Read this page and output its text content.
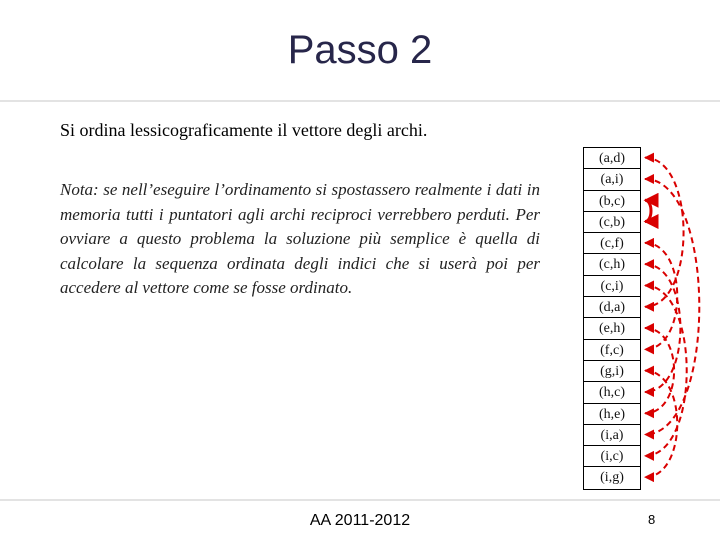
Passo 2
Si ordina lessicograficamente il vettore degli archi.
Nota: se nell’eseguire l’ordinamento si spostassero realmente i dati in memoria tutti i puntatori agli archi reciproci verrebbero perduti. Per ovviare a questo problema la soluzione più semplice è quella di calcolare la sequenza ordinata degli indici che si userà poi per accedere al vettore come se fosse ordinato.
(a,d)
(a,i)
(b,c)
(c,b)
(c,f)
(c,h)
(c,i)
(d,a)
(e,h)
(f,c)
(g,i)
(h,c)
(h,e)
(i,a)
(i,c)
(i,g)
AA 2011-2012	8
